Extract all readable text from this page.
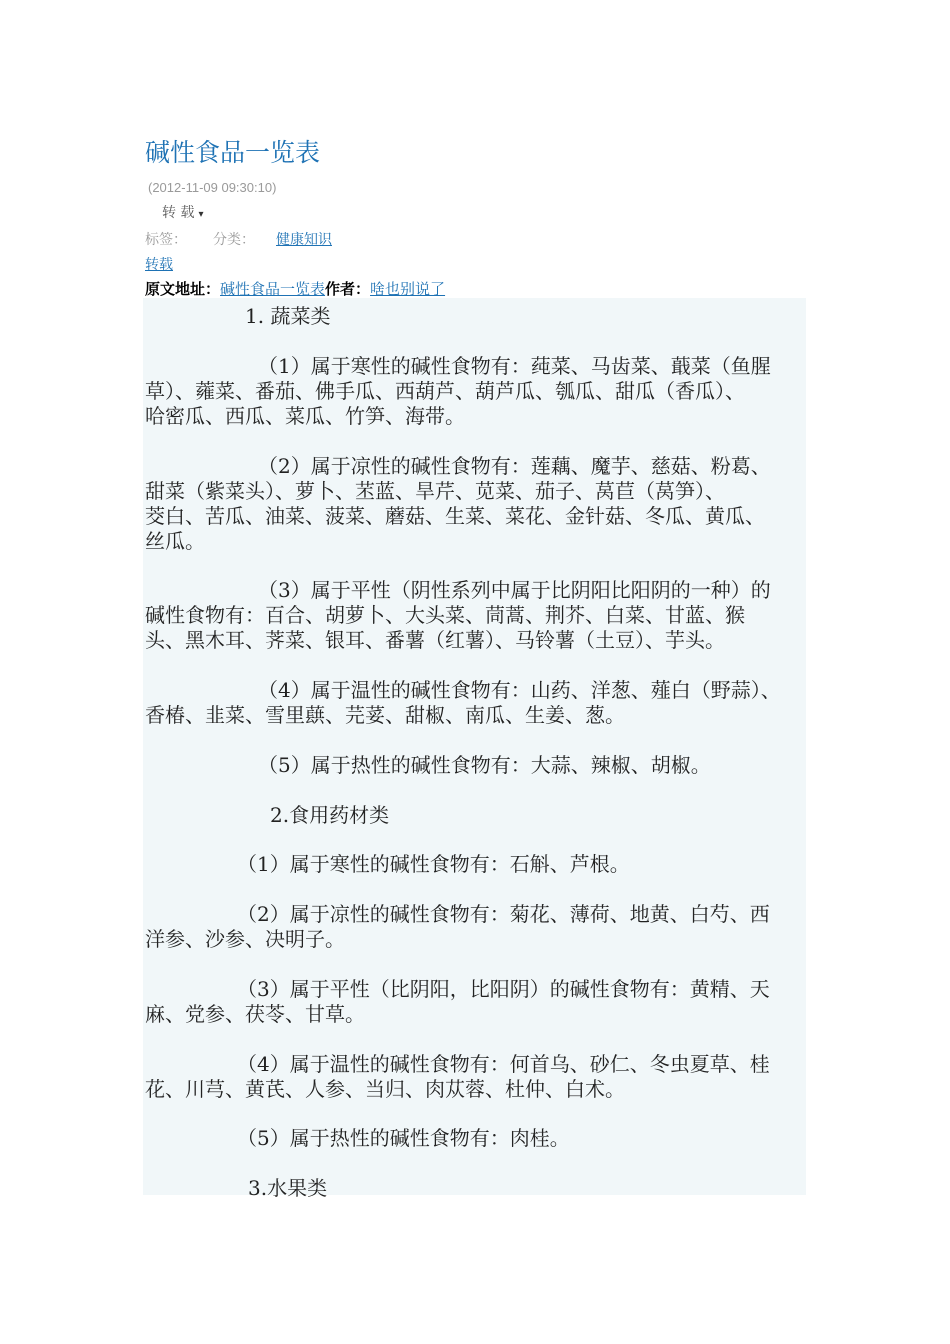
碱性食品一览表
(2012-11-09 09:30:10)
转 载 ▾
标签： 分类： 健康知识
转载
原文地址：碱性食品一览表作者：啥也别说了
1. 蔬菜类
（1）属于寒性的碱性食物有：莼菜、马齿菜、蕺菜（鱼腥
草）、蕹菜、番茄、佛手瓜、西葫芦、葫芦瓜、瓠瓜、甜瓜（香瓜）、
哈密瓜、西瓜、菜瓜、竹笋、海带。
（2）属于凉性的碱性食物有：莲藕、魔芋、慈菇、粉葛、
甜菜（紫菜头）、萝卜、苤蓝、旱芹、苋菜、茄子、莴苣（莴笋）、
茭白、苦瓜、油菜、菠菜、蘑菇、生菜、菜花、金针菇、冬瓜、黄瓜、
丝瓜。
（3）属于平性（阴性系列中属于比阴阳比阳阴的一种）的
碱性食物有：百合、胡萝卜、大头菜、茼蒿、荆芥、白菜、甘蓝、猴
头、黑木耳、荠菜、银耳、番薯（红薯）、马铃薯（土豆）、芋头。
（4）属于温性的碱性食物有：山药、洋葱、薤白（野蒜）、
香椿、韭菜、雪里蕻、芫荽、甜椒、南瓜、生姜、葱。
（5）属于热性的碱性食物有：大蒜、辣椒、胡椒。
2.食用药材类
（1）属于寒性的碱性食物有：石斛、芦根。
（2）属于凉性的碱性食物有：菊花、薄荷、地黄、白芍、西
洋参、沙参、决明子。
（3）属于平性（比阴阳，比阳阴）的碱性食物有：黄精、天
麻、党参、茯苓、甘草。
（4）属于温性的碱性食物有：何首乌、砂仁、冬虫夏草、桂
花、川芎、黄芪、人参、当归、肉苁蓉、杜仲、白术。
（5）属于热性的碱性食物有：肉桂。
3.水果类
